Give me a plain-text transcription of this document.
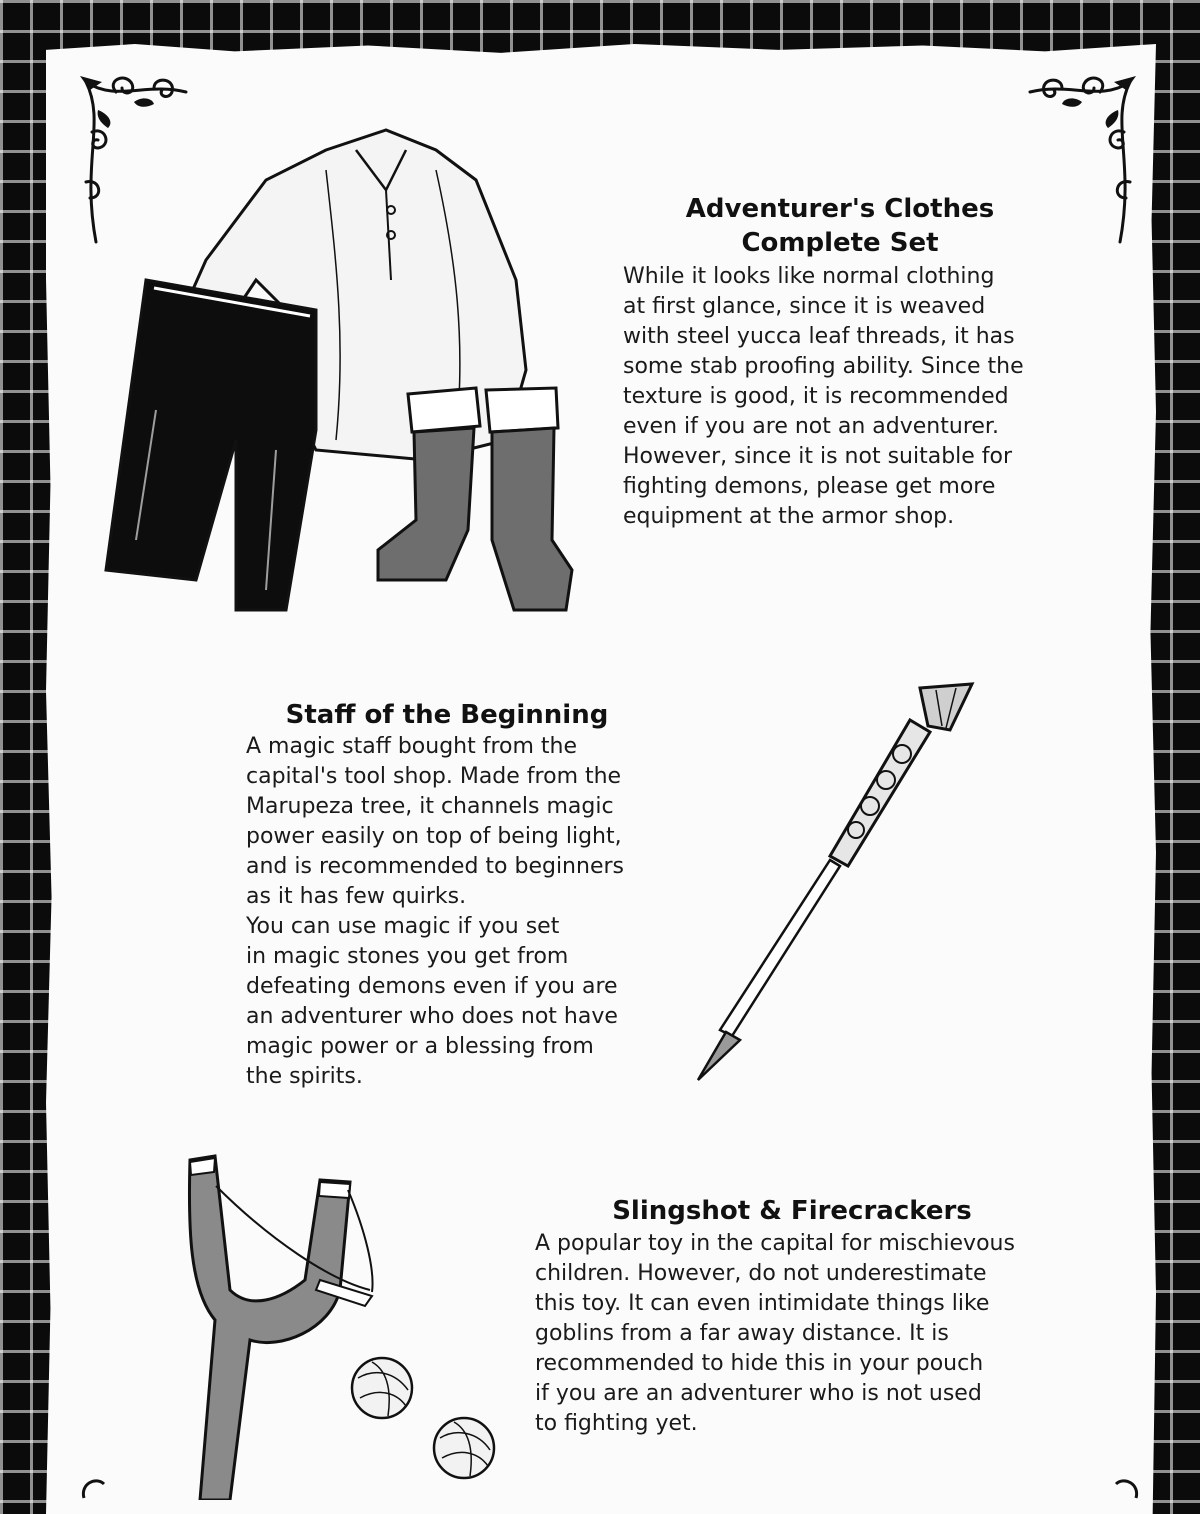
Adventurer's Clothes
Complete Set

While it looks like normal clothing
at first glance, since it is weaved
with steel yucca leaf threads, it has
some stab proofing ability. Since the
texture is good, it is recommended
even if you are not an adventurer.
However, since it is not suitable for
fighting demons, please get more
equipment at the armor shop.

Staff of the Beginning

A magic staff bought from the
capital's tool shop. Made from the
Marupeza tree, it channels magic
power easily on top of being light,
and is recommended to beginners
as it has few quirks.
You can use magic if you set
in magic stones you get from
defeating demons even if you are
an adventurer who does not have
magic power or a blessing from
the spirits.

Slingshot & Firecrackers

A popular toy in the capital for mischievous
children. However, do not underestimate
this toy. It can even intimidate things like
goblins from a far away distance. It is
recommended to hide this in your pouch
if you are an adventurer who is not used
to fighting yet.
